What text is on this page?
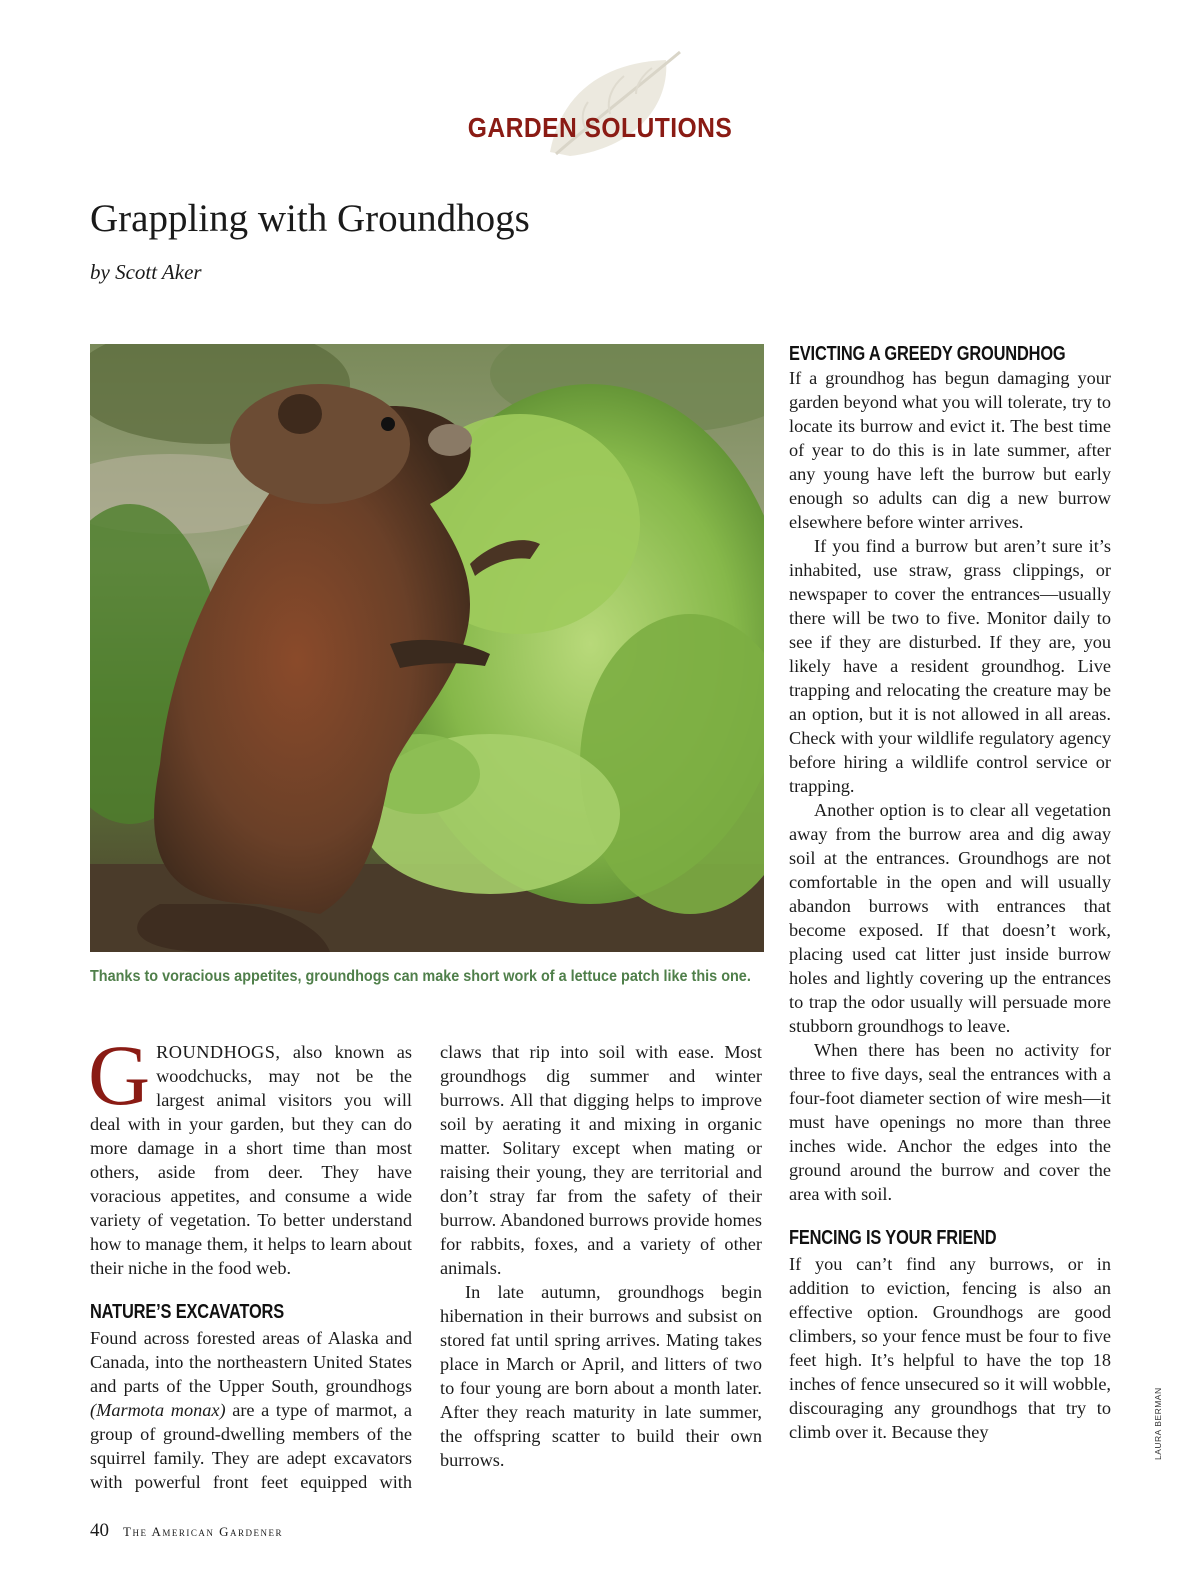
GARDEN SOLUTIONS
Grappling with Groundhogs
by Scott Aker
Thanks to voracious appetites, groundhogs can make short work of a lettuce patch like this one.

GROUNDHOGS, also known as woodchucks, may not be the largest animal visitors you will deal with in your garden, but they can do more damage in a short time than most others, aside from deer. They have voracious appetites, and consume a wide variety of vegetation. To better understand how to manage them, it helps to learn about their niche in the food web.

NATURE’S EXCAVATORS
Found across forested areas of Alaska and Canada, into the northeastern United States and parts of the Upper South, groundhogs (Marmota monax) are a type of marmot, a group of ground-dwelling members of the squirrel family. They are adept excavators with powerful front feet equipped with
claws that rip into soil with ease. Most groundhogs dig summer and winter burrows. All that digging helps to improve soil by aerating it and mixing in organic matter. Solitary except when mating or raising their young, they are territorial and don’t stray far from the safety of their burrow. Abandoned burrows provide homes for rabbits, foxes, and a variety of other animals.

In late autumn, groundhogs begin hibernation in their burrows and subsist on stored fat until spring arrives. Mating takes place in March or April, and litters of two to four young are born about a month later. After they reach maturity in late summer, the offspring scatter to build their own burrows.

EVICTING A GREEDY GROUNDHOG

If a groundhog has begun damaging your garden beyond what you will tolerate, try to locate its burrow and evict it. The best time of year to do this is in late summer, after any young have left the burrow but early enough so adults can dig a new burrow elsewhere before winter arrives.

If you find a burrow but aren’t sure it’s inhabited, use straw, grass clippings, or newspaper to cover the entrances—usually there will be two to five. Monitor daily to see if they are disturbed. If they are, you likely have a resident groundhog. Live trapping and relocating the creature may be an option, but it is not allowed in all areas. Check with your wildlife regulatory agency before hiring a wildlife control service or trapping.

Another option is to clear all vegetation away from the burrow area and dig away soil at the entrances. Groundhogs are not comfortable in the open and will usually abandon burrows with entrances that become exposed. If that doesn’t work, placing used cat litter just inside burrow holes and lightly covering up the entrances to trap the odor usually will persuade more stubborn groundhogs to leave.

When there has been no activity for three to five days, seal the entrances with a four-foot diameter section of wire mesh—it must have openings no more than three inches wide. Anchor the edges into the ground around the burrow and cover the area with soil.

FENCING IS YOUR FRIEND

If you can’t find any burrows, or in addition to eviction, fencing is also an effective option. Groundhogs are good climbers, so your fence must be four to five feet high. It’s helpful to have the top 18 inches of fence unsecured so it will wobble, discouraging any groundhogs that try to climb over it. Because they

40 The American Gardener
LAURA BERMAN
